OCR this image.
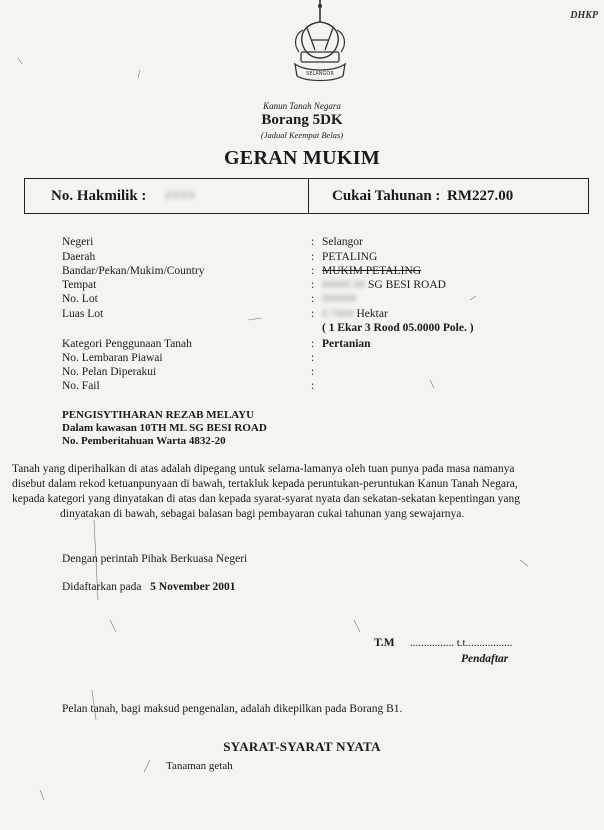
DHKP
SELANGOR
Kanun Tanah Negara
Borang 5DK
(Jadual Keempat Belas)
GERAN MUKIM
No. Hakmilik : ####	Cukai Tahunan : RM227.00
Negeri	: Selangor
Daerah	: PETALING
Bandar/Pekan/Mukim/Country	: MUKIM PETALING
Tempat	: ##### ## SG BESI ROAD
No. Lot	: ######
Luas Lot	: 0.7### Hektar
( 1 Ekar 3 Rood 05.0000 Pole. )
Kategori Penggunaan Tanah	: Pertanian
No. Lembaran Piawai	:
No. Pelan Diperakui	:
No. Fail	:
PENGISYTIHARAN REZAB MELAYU
Dalam kawasan 10TH ML SG BESI ROAD
No. Pemberitahuan Warta 4832-20
Tanah yang diperihalkan di atas adalah dipegang untuk selama-lamanya oleh tuan punya pada masa namanya
disebut dalam rekod ketuanpunyaan di bawah, tertakluk kepada peruntukan-peruntukan Kanun Tanah Negara,
kepada kategori yang dinyatakan di atas dan kepada syarat-syarat nyata dan sekatan-sekatan kepentingan yang
dinyatakan di bawah, sebagai balasan bagi pembayaran cukai tahunan yang sewajarnya.
Dengan perintah Pihak Berkuasa Negeri
Didaftarkan pada 5 November 2001
T.M ................ t.t.................
Pendaftar
Pelan tanah, bagi maksud pengenalan, adalah dikepilkan pada Borang B1.
SYARAT-SYARAT NYATA
Tanaman getah
